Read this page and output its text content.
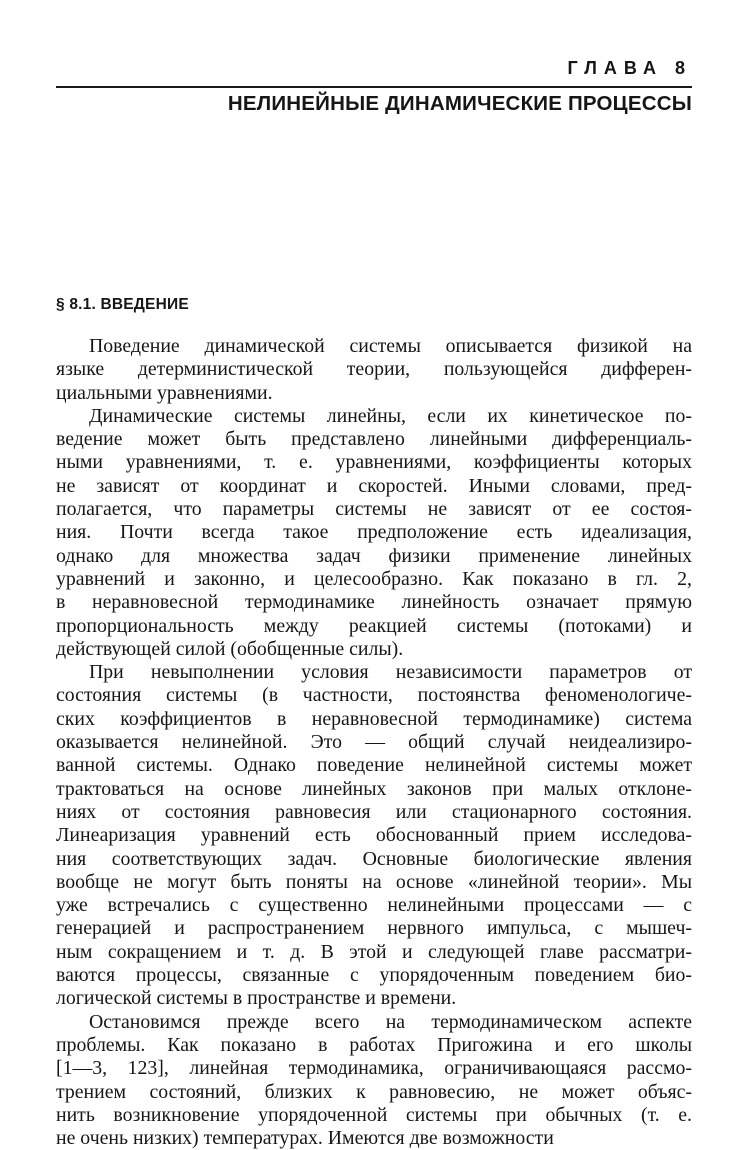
ГЛАВА 8
НЕЛИНЕЙНЫЕ ДИНАМИЧЕСКИЕ ПРОЦЕССЫ
§ 8.1. ВВЕДЕНИЕ

Поведение динамической системы описывается физикой на
языке детерминистической теории, пользующейся дифферен-
циальными уравнениями.

Динамические системы линейны, если их кинетическое по-
ведение может быть представлено линейными дифференциаль-
ными уравнениями, т. е. уравнениями, коэффициенты которых
не зависят от координат и скоростей. Иными словами, пред-
полагается, что параметры системы не зависят от ее состоя-
ния. Почти всегда такое предположение есть идеализация,
однако для множества задач физики применение линейных
уравнений и законно, и целесообразно. Как показано в гл. 2,
в неравновесной термодинамике линейность означает прямую
пропорциональность между реакцией системы (потоками) и
действующей силой (обобщенные силы).

При невыполнении условия независимости параметров от
состояния системы (в частности, постоянства феноменологиче-
ских коэффициентов в неравновесной термодинамике) система
оказывается нелинейной. Это — общий случай неидеализиро-
ванной системы. Однако поведение нелинейной системы может
трактоваться на основе линейных законов при малых отклоне-
ниях от состояния равновесия или стационарного состояния.
Линеаризация уравнений есть обоснованный прием исследова-
ния соответствующих задач. Основные биологические явления
вообще не могут быть поняты на основе «линейной теории». Мы
уже встречались с существенно нелинейными процессами — с
генерацией и распространением нервного импульса, с мышеч-
ным сокращением и т. д. В этой и следующей главе рассматри-
ваются процессы, связанные с упорядоченным поведением био-
логической системы в пространстве и времени.

Остановимся прежде всего на термодинамическом аспекте
проблемы. Как показано в работах Пригожина и его школы
[1—3, 123], линейная термодинамика, ограничивающаяся рассмо-
трением состояний, близких к равновесию, не может объяс-
нить возникновение упорядоченной системы при обычных (т. е.
не очень низких) температурах. Имеются две возможности
